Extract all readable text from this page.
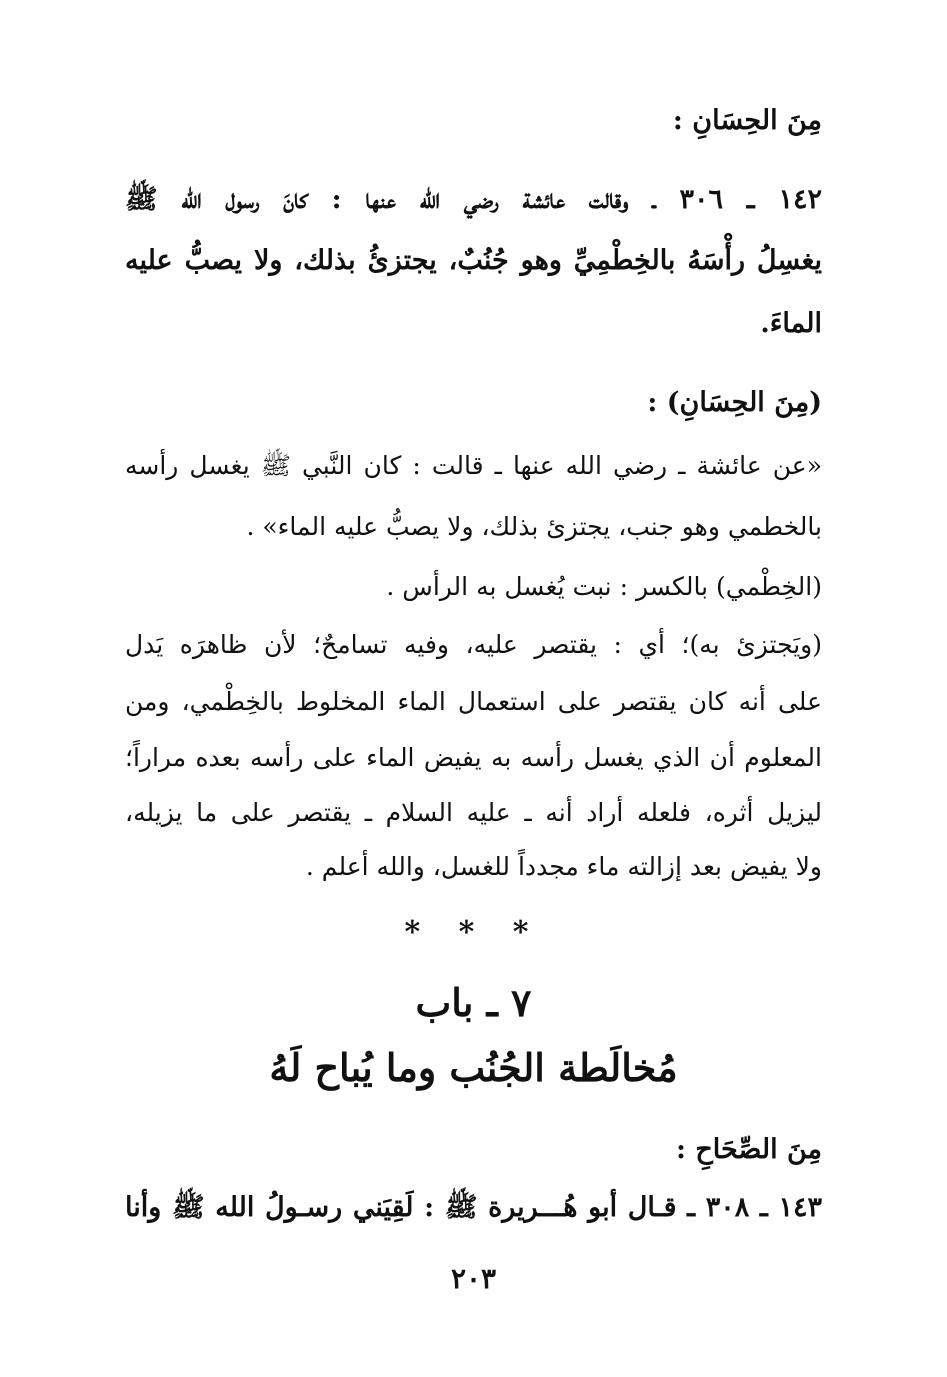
مِنَ الحِسَانِ :
١٤٢ ـ ٣٠٦ ـ وقالت عائشة رضي الله عنها : كانَ رسول الله ﷺ
يغسِلُ رأْسَهُ بالخِطْمِيِّ وهو جُنُبٌ، يجتزئُ بذلك، ولا يصبُّ عليه
الماءَ.
(مِنَ الحِسَانِ) :
«عن عائشة ـ رضي الله عنها ـ قالت : كان النَّبي ﷺ يغسل رأسه
بالخطمي وهو جنب، يجتزئ بذلك، ولا يصبُّ عليه الماء» .
(الخِطْمي) بالكسر : نبت يُغسل به الرأس .
(ويَجتزئ به)؛ أي : يقتصر عليه، وفيه تسامحٌ؛ لأن ظاهرَه يَدل
على أنه كان يقتصر على استعمال الماء المخلوط بالخِطْمي، ومن
المعلوم أن الذي يغسل رأسه به يفيض الماء على رأسه بعده مراراً؛
ليزيل أثره، فلعله أراد أنه ـ عليه السلام ـ يقتصر على ما يزيله،
ولا يفيض بعد إزالته ماء مجدداً للغسل، والله أعلم .
* * *
٧ ـ باب
مُخالَطة الجُنُب وما يُباح لَهُ
مِنَ الصِّحَاحِ :
١٤٣ ـ ٣٠٨ ـ قـال أبو هُـــريرة ﷺ : لَقِيَني رسـولُ الله ﷺ وأنا
٢٠٣
